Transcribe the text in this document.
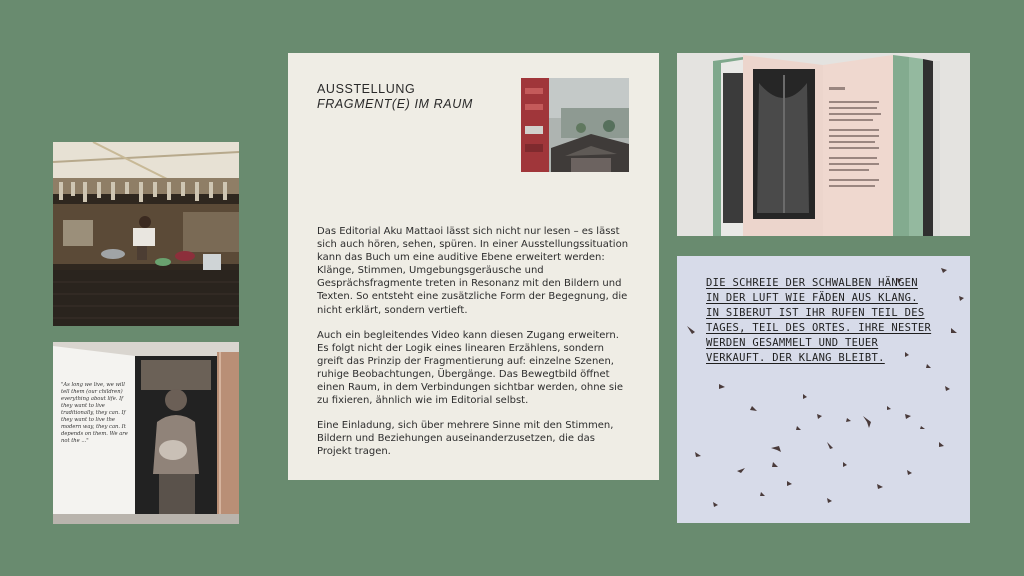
"As long we live, we will tell them (our children) everything about life. If they want to live traditionally, they can. If they want to live the modern way, they can. It depends on them. We are not the ..."
AUSSTELLUNG
FRAGMENT(E) IM RAUM

Das Editorial Aku Mattaoi lässt sich nicht nur lesen – es lässt sich auch hören, sehen, spüren. In einer Ausstellungssituation kann das Buch um eine auditive Ebene erweitert werden: Klänge, Stimmen, Umgebungsgeräusche und Gesprächsfragmente treten in Resonanz mit den Bildern und Texten. So entsteht eine zusätzliche Form der Begegnung, die nicht erklärt, sondern vertieft.

Auch ein begleitendes Video kann diesen Zugang erweitern. Es folgt nicht der Logik eines linearen Erzählens, sondern greift das Prinzip der Fragmentierung auf: einzelne Szenen, ruhige Beobachtungen, Übergänge. Das Bewegtbild öffnet einen Raum, in dem Verbindungen sichtbar werden, ohne sie zu fixieren, ähnlich wie im Editorial selbst.

Eine Einladung, sich über mehrere Sinne mit den Stimmen, Bildern und Beziehungen auseinanderzusetzen, die das Projekt tragen.

DIE SCHREIE DER SCHWALBEN HÄNGEN IN DER LUFT WIE FÄDEN AUS KLANG. IN SIBERUT IST IHR RUFEN TEIL DES TAGES, TEIL DES ORTES. IHRE NESTER WERDEN GESAMMELT UND TEUER VERKAUFT. DER KLANG BLEIBT.
